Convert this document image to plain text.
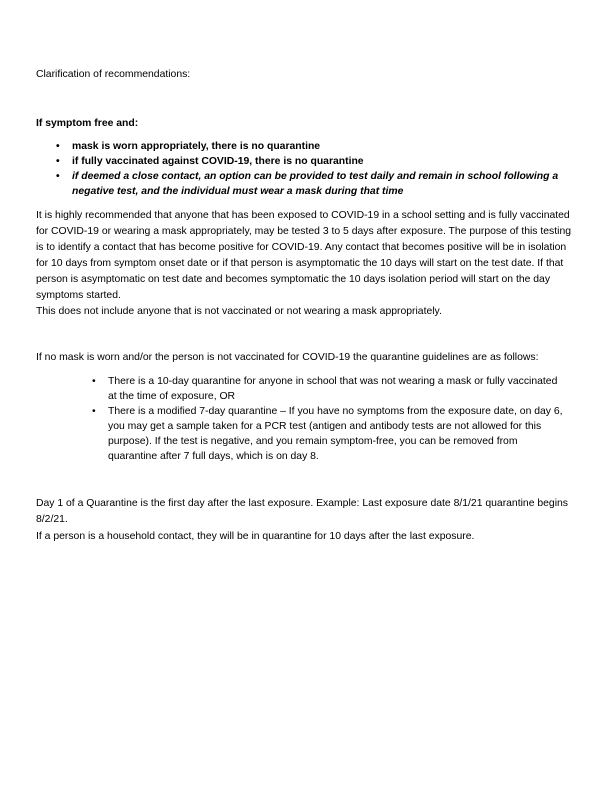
Clarification of recommendations:

If symptom free and:

• mask is worn appropriately, there is no quarantine
• if fully vaccinated against COVID-19, there is no quarantine
• if deemed a close contact, an option can be provided to test daily and remain in school following a negative test, and the individual must wear a mask during that time

It is highly recommended that anyone that has been exposed to COVID-19 in a school setting and is fully vaccinated for COVID-19 or wearing a mask appropriately, may be tested 3 to 5 days after exposure. The purpose of this testing is to identify a contact that has become positive for COVID-19. Any contact that becomes positive will be in isolation for 10 days from symptom onset date or if that person is asymptomatic the 10 days will start on the test date. If that person is asymptomatic on test date and becomes symptomatic the 10 days isolation period will start on the day symptoms started.

This does not include anyone that is not vaccinated or not wearing a mask appropriately.

If no mask is worn and/or the person is not vaccinated for COVID-19 the quarantine guidelines are as follows:

• There is a 10-day quarantine for anyone in school that was not wearing a mask or fully vaccinated at the time of exposure, OR
• There is a modified 7-day quarantine – If you have no symptoms from the exposure date, on day 6, you may get a sample taken for a PCR test (antigen and antibody tests are not allowed for this purpose). If the test is negative, and you remain symptom-free, you can be removed from quarantine after 7 full days, which is on day 8.

Day 1 of a Quarantine is the first day after the last exposure. Example: Last exposure date 8/1/21 quarantine begins 8/2/21.

If a person is a household contact, they will be in quarantine for 10 days after the last exposure.
